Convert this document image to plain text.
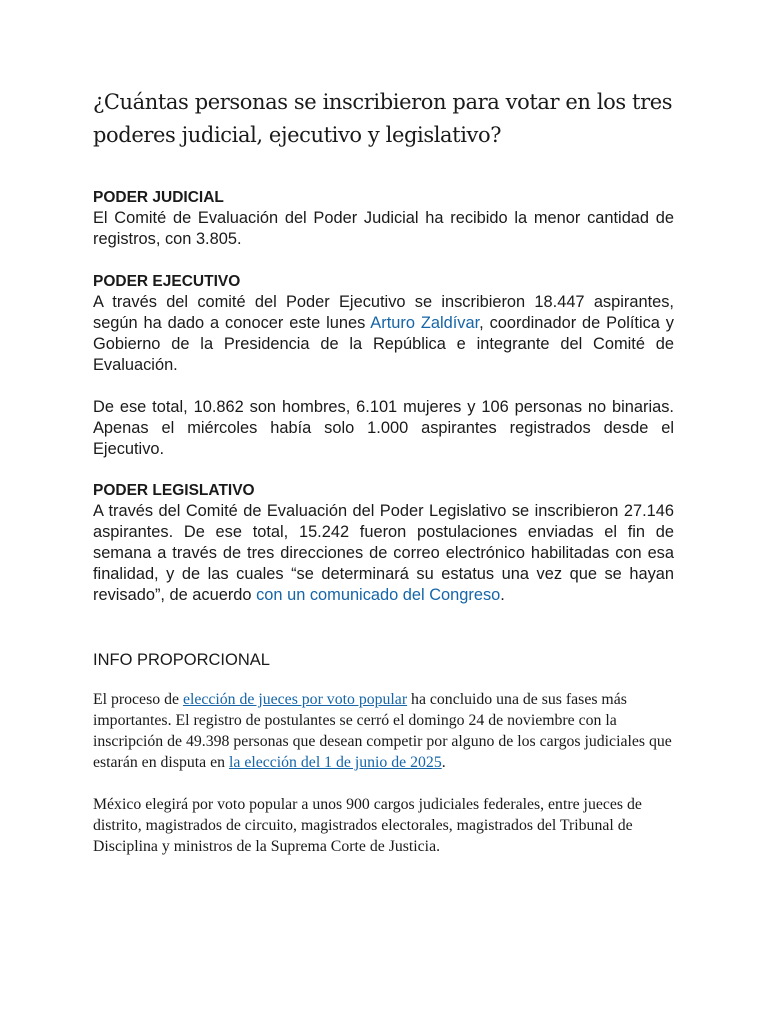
¿Cuántas personas se inscribieron para votar en los tres poderes judicial, ejecutivo y legislativo?

PODER JUDICIAL

El Comité de Evaluación del Poder Judicial ha recibido la menor cantidad de registros, con 3.805.

PODER EJECUTIVO

A través del comité del Poder Ejecutivo se inscribieron 18.447 aspirantes, según ha dado a conocer este lunes Arturo Zaldívar, coordinador de Política y Gobierno de la Presidencia de la República e integrante del Comité de Evaluación.

De ese total, 10.862 son hombres, 6.101 mujeres y 106 personas no binarias. Apenas el miércoles había solo 1.000 aspirantes registrados desde el Ejecutivo.

PODER LEGISLATIVO

A través del Comité de Evaluación del Poder Legislativo se inscribieron 27.146 aspirantes. De ese total, 15.242 fueron postulaciones enviadas el fin de semana a través de tres direcciones de correo electrónico habilitadas con esa finalidad, y de las cuales “se determinará su estatus una vez que se hayan revisado”, de acuerdo con un comunicado del Congreso.

INFO PROPORCIONAL

El proceso de elección de jueces por voto popular ha concluido una de sus fases más importantes. El registro de postulantes se cerró el domingo 24 de noviembre con la inscripción de 49.398 personas que desean competir por alguno de los cargos judiciales que estarán en disputa en la elección del 1 de junio de 2025.

México elegirá por voto popular a unos 900 cargos judiciales federales, entre jueces de distrito, magistrados de circuito, magistrados electorales, magistrados del Tribunal de Disciplina y ministros de la Suprema Corte de Justicia.
